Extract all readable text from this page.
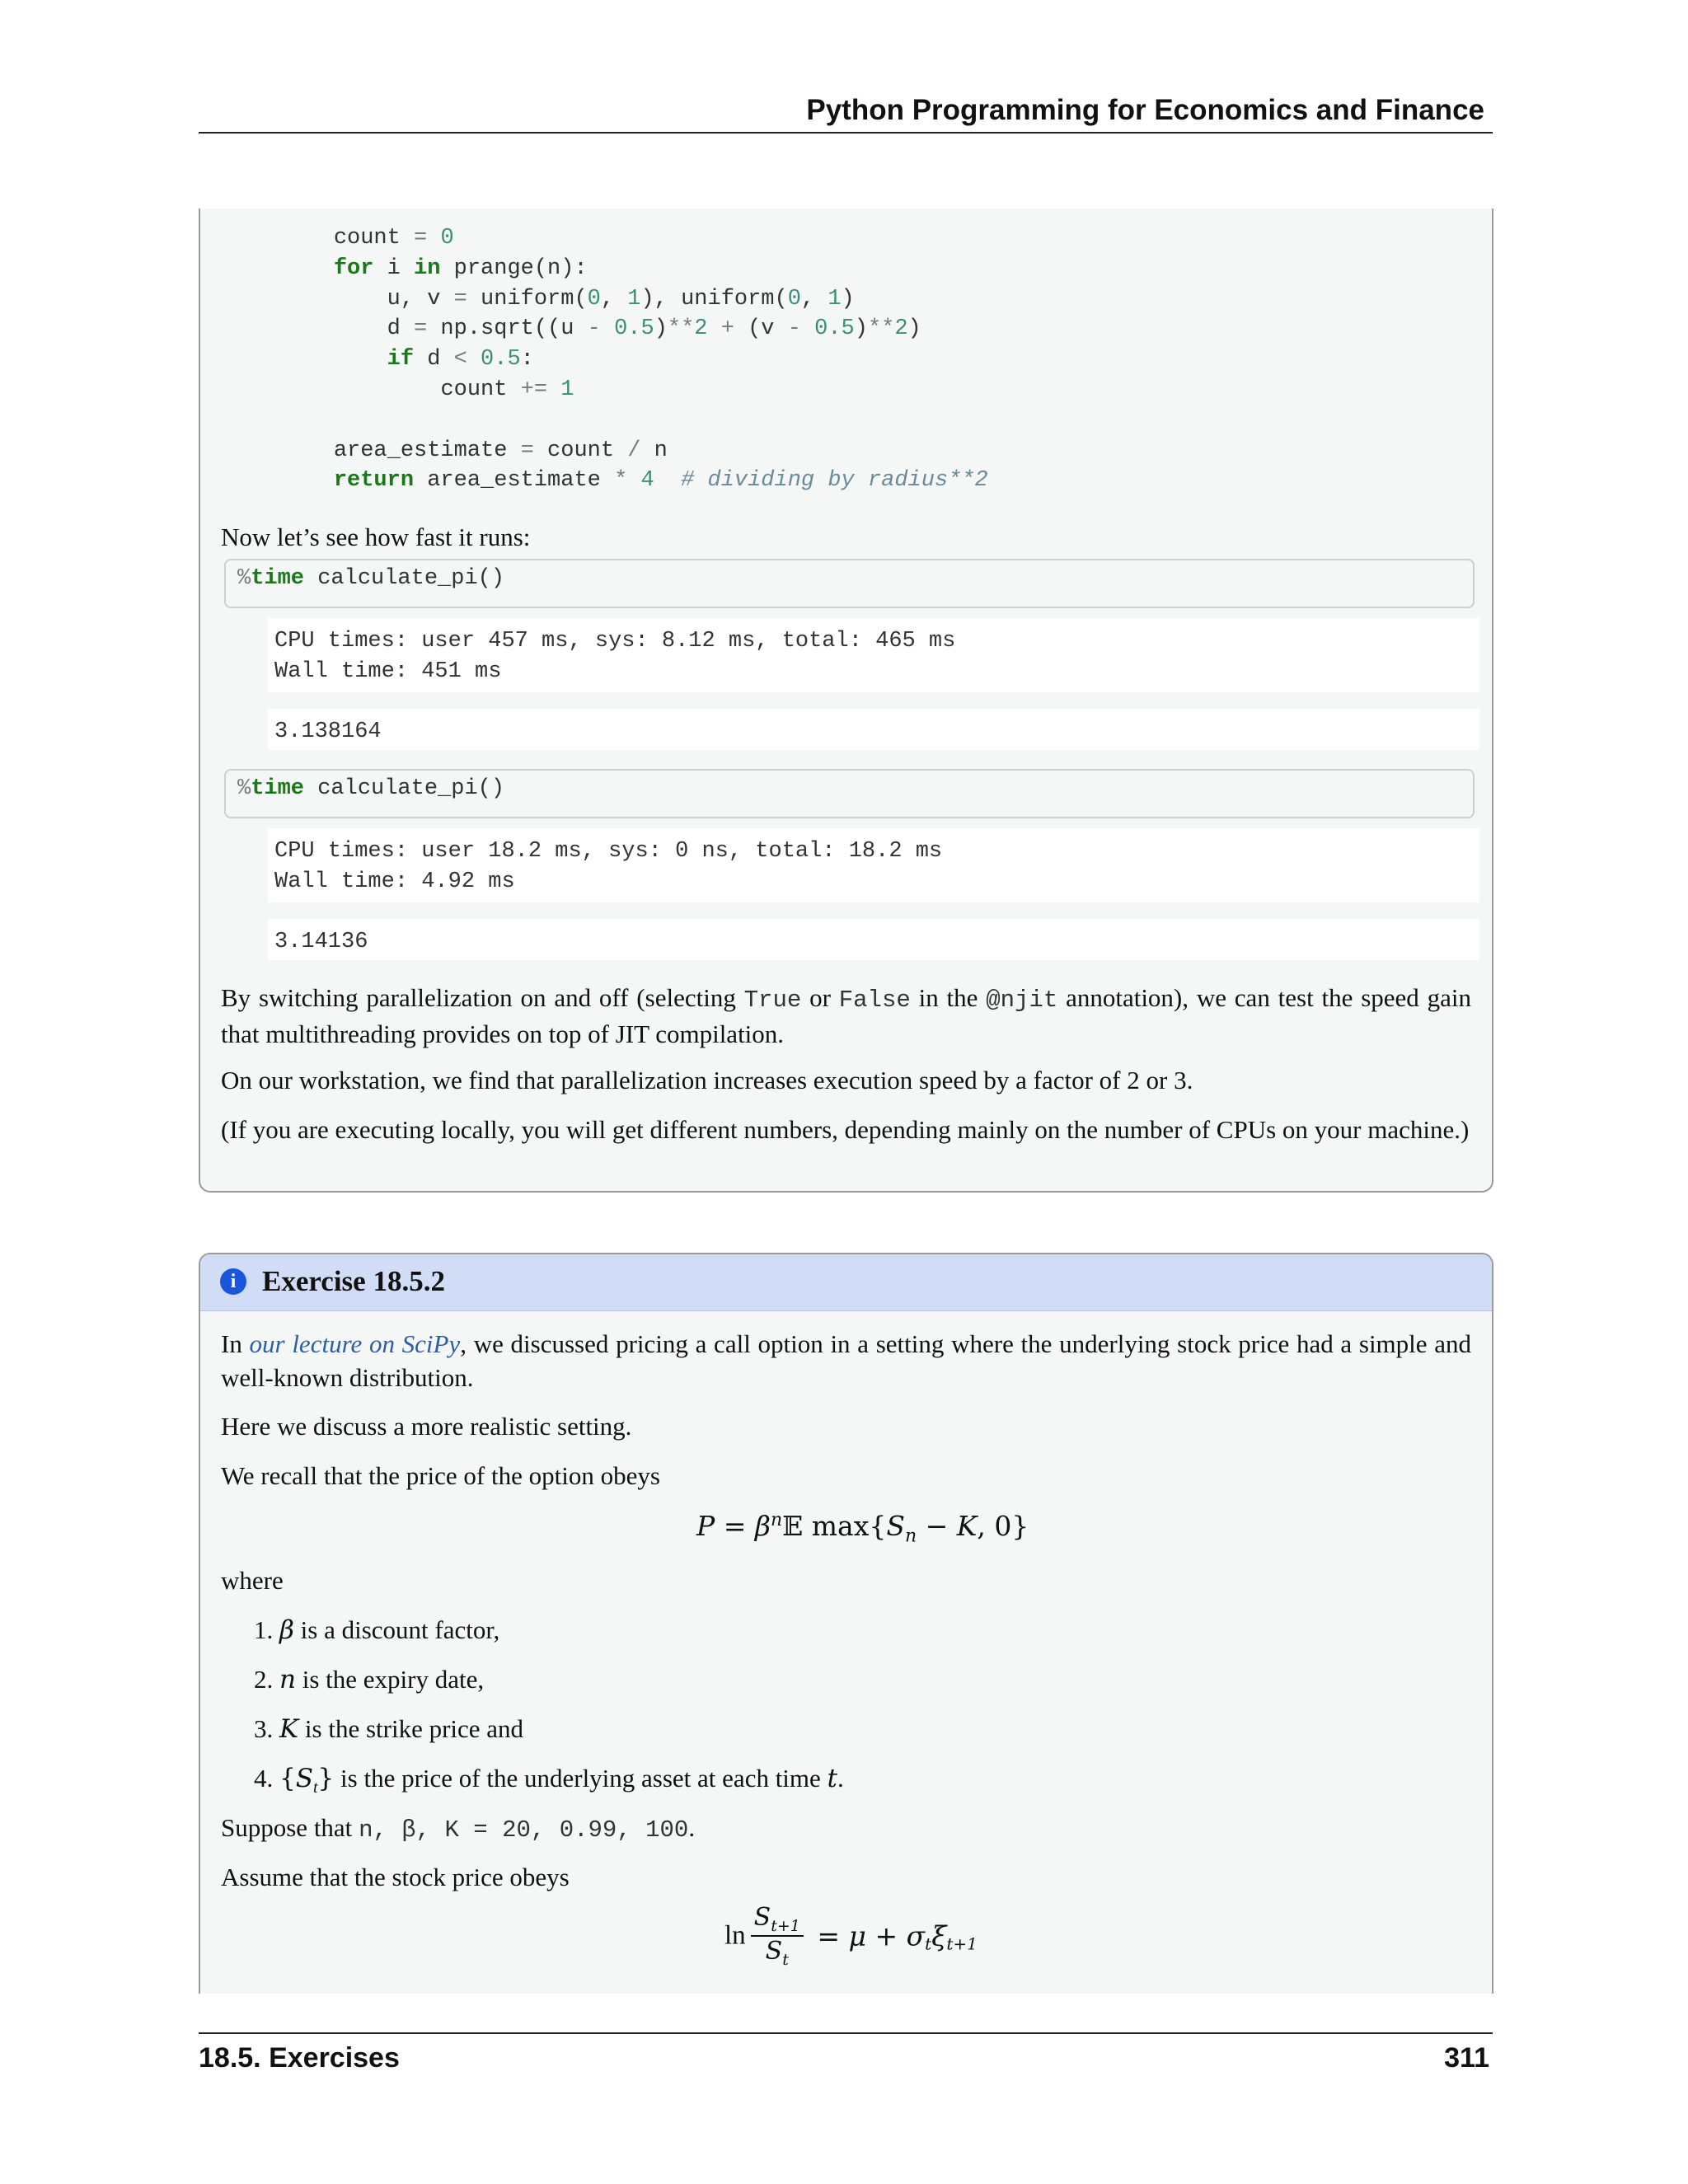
Python Programming for Economics and Finance
count = 0
for i in prange(n):
u, v = uniform(0, 1), uniform(0, 1)
d = np.sqrt((u - 0.5)**2 + (v - 0.5)**2)
if d < 0.5:
count += 1

area_estimate = count / n
return area_estimate * 4 # dividing by radius**2
Now let’s see how fast it runs:
%time calculate_pi()
CPU times: user 457 ms, sys: 8.12 ms, total: 465 ms
Wall time: 451 ms
3.138164
%time calculate_pi()
CPU times: user 18.2 ms, sys: 0 ns, total: 18.2 ms
Wall time: 4.92 ms
3.14136
By switching parallelization on and off (selecting True or False in the @njit annotation), we can test the speed gain that multithreading provides on top of JIT compilation.
On our workstation, we find that parallelization increases execution speed by a factor of 2 or 3.
(If you are executing locally, you will get different numbers, depending mainly on the number of CPUs on your machine.)
i Exercise 18.5.2
In our lecture on SciPy, we discussed pricing a call option in a setting where the underlying stock price had a simple and well-known distribution.
Here we discuss a more realistic setting.
We recall that the price of the option obeys
$P = \beta^n𝔼$ $\max\{S_n - K$, 0}
where
1. β is a discount factor,
2. n is the expiry date,
3. K is the strike price and
4. $\{S_t\}$ is the price of the underlying asset at each time t.
Suppose that n, β, K = 20, 0.99, 100.
Assume that the stock price obeys
$\ln \frac{S_{t+1}}{S_t} = \mu + \sigma_t\xi_{t+1}$
18.5. Exercises	311
